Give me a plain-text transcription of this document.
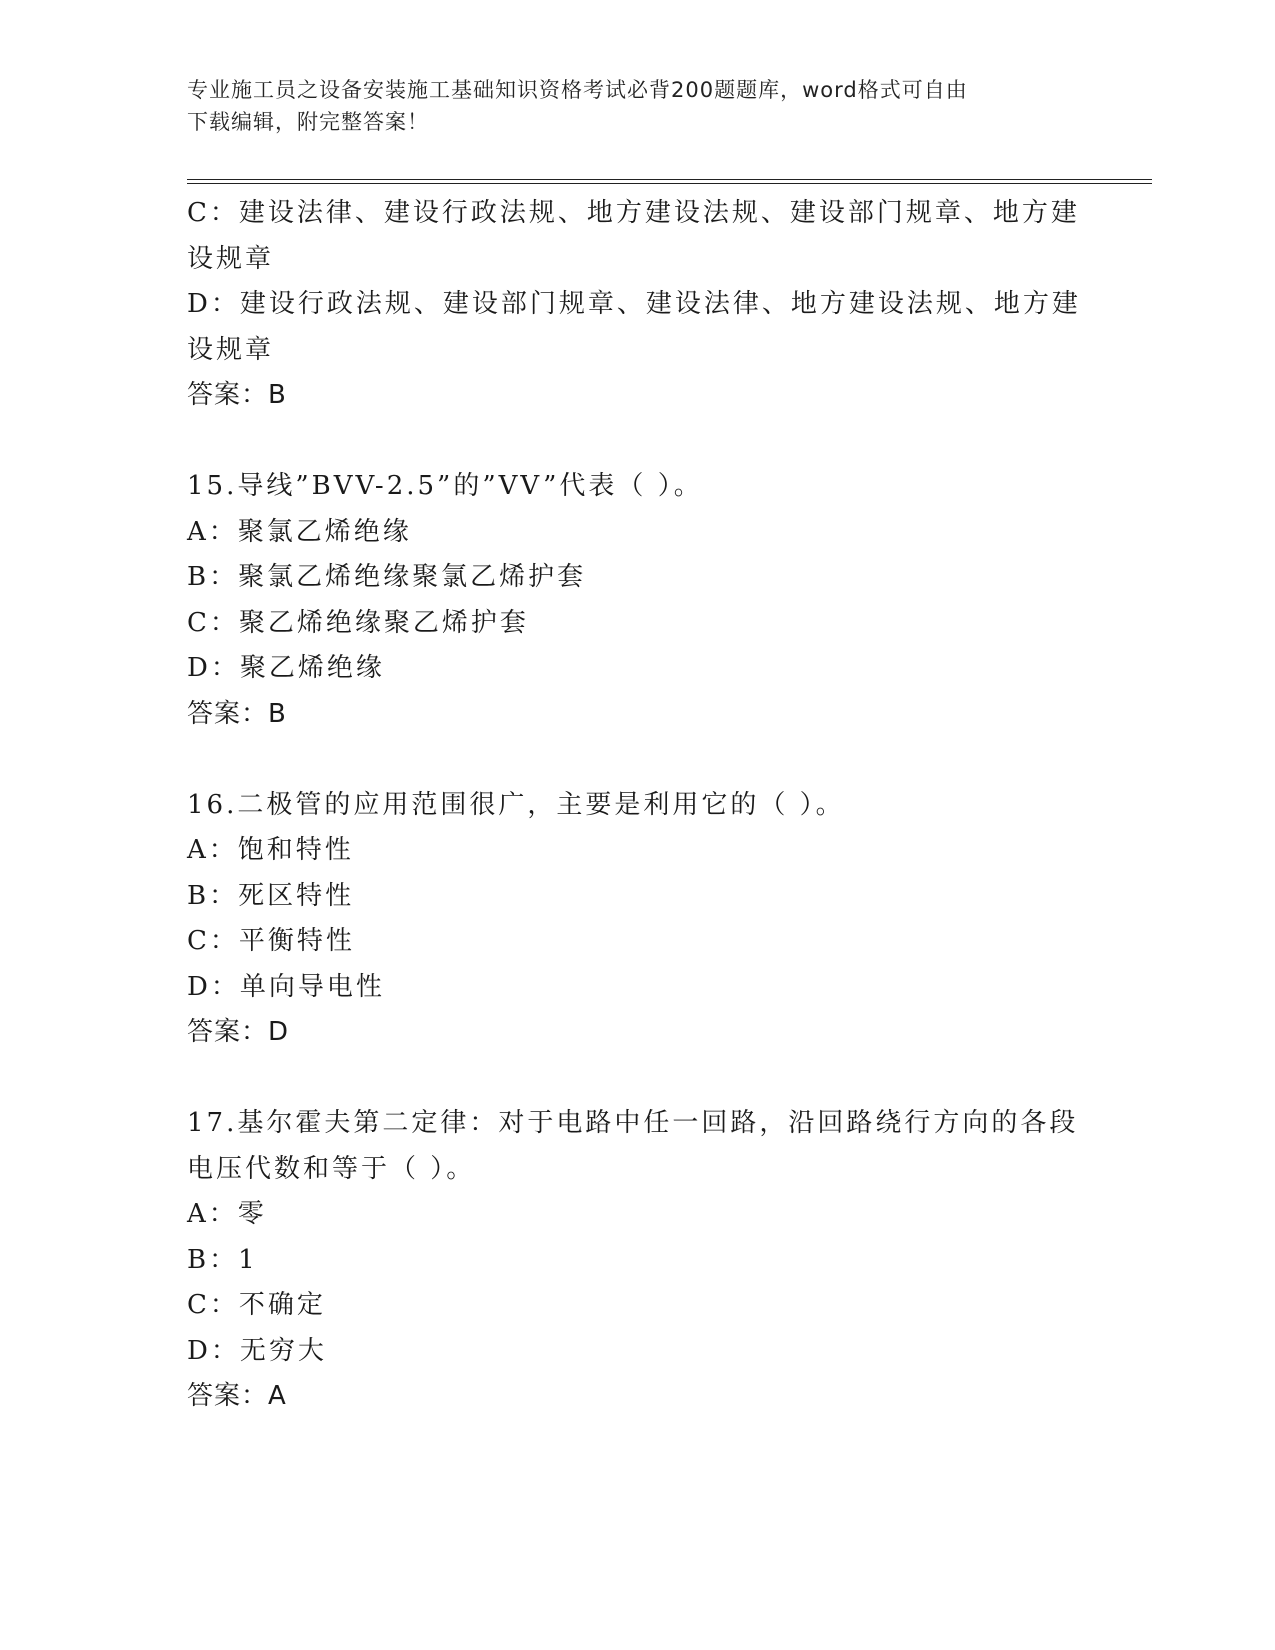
专业施工员之设备安装施工基础知识资格考试必背200题题库，word格式可自由
下载编辑，附完整答案！
C：建设法律、建设行政法规、地方建设法规、建设部门规章、地方建
设规章
D：建设行政法规、建设部门规章、建设法律、地方建设法规、地方建
设规章
答案：B
15.导线”BVV-2.5”的”VV”代表（ ）。
A：聚氯乙烯绝缘
B：聚氯乙烯绝缘聚氯乙烯护套
C：聚乙烯绝缘聚乙烯护套
D：聚乙烯绝缘
答案：B
16.二极管的应用范围很广，主要是利用它的（ ）。
A：饱和特性
B：死区特性
C：平衡特性
D：单向导电性
答案：D
17.基尔霍夫第二定律：对于电路中任一回路，沿回路绕行方向的各段
电压代数和等于（ ）。
A：零
B：1
C：不确定
D：无穷大
答案：A
